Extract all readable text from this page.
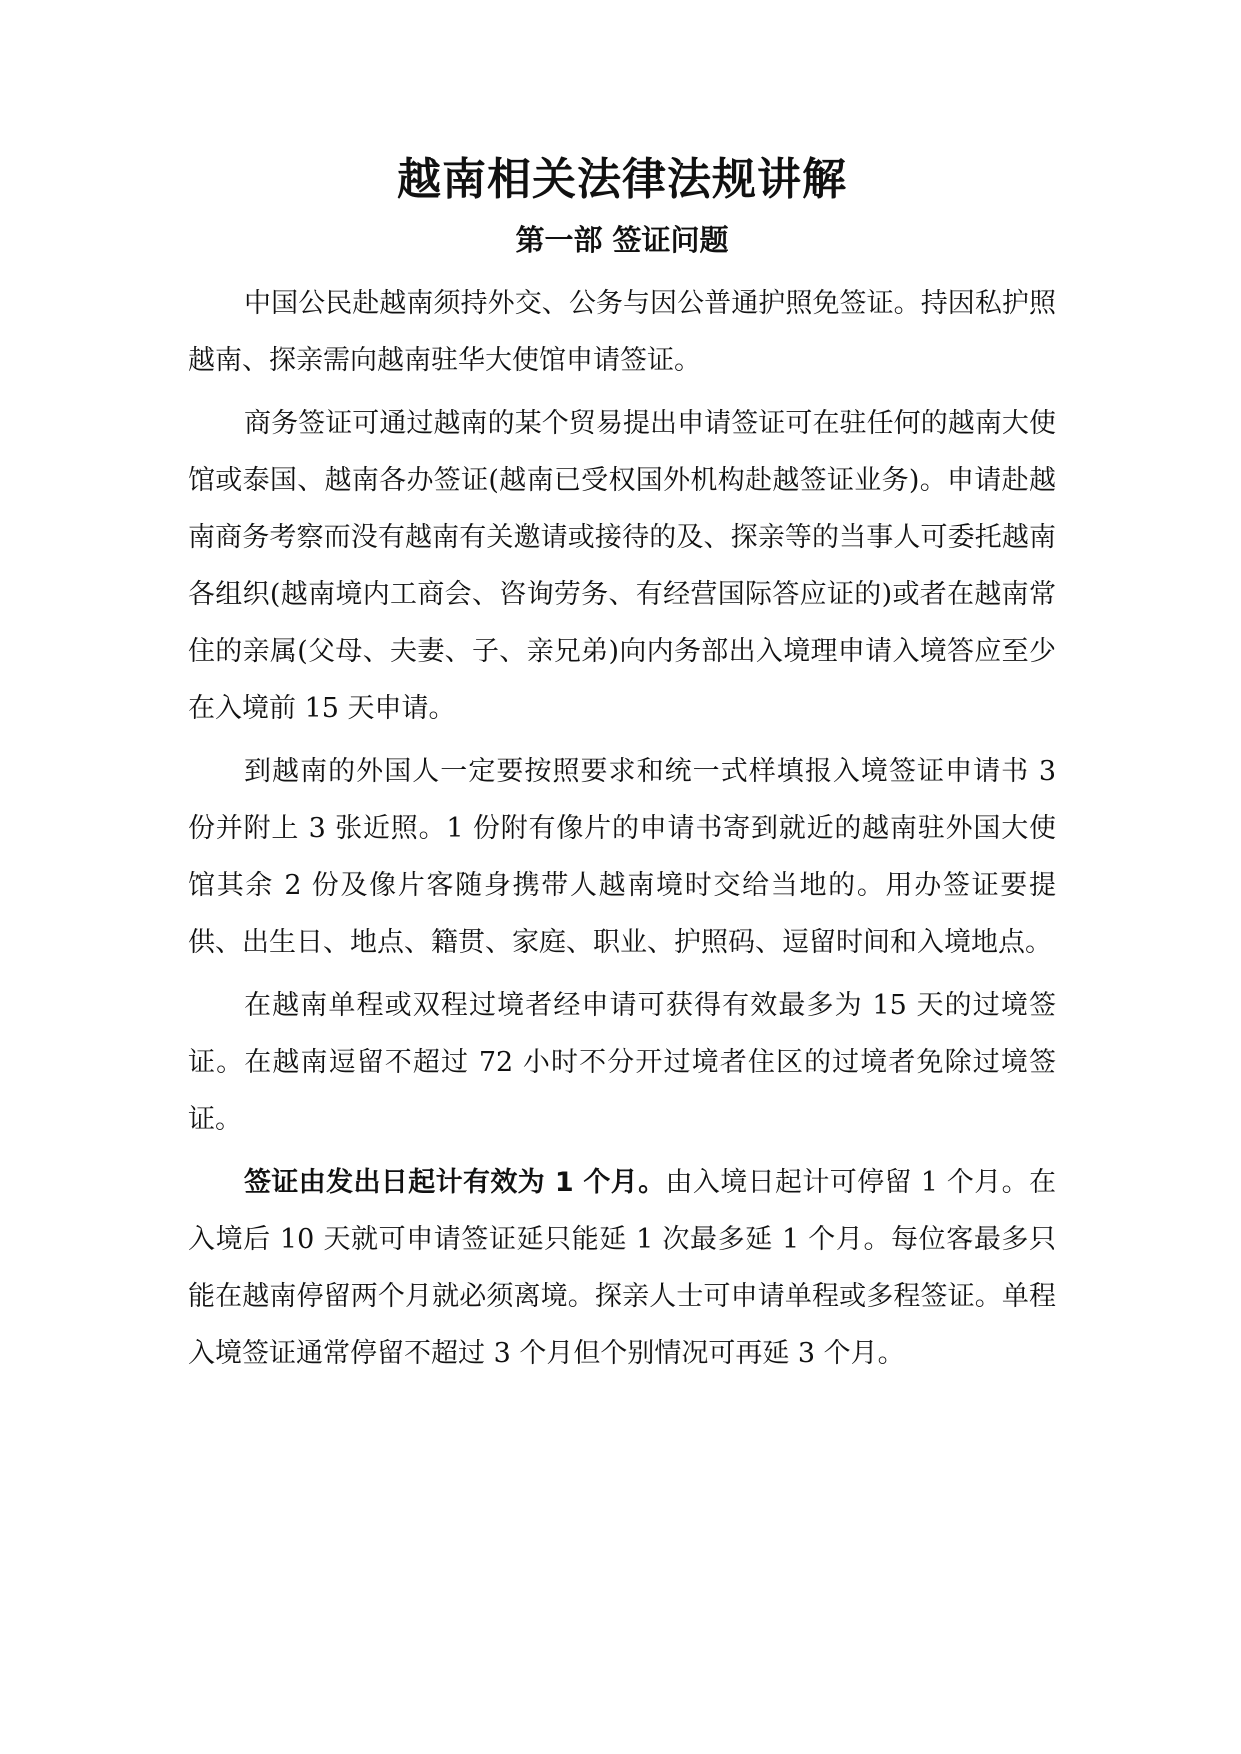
越南相关法律法规讲解
第一部 签证问题

中国公民赴越南须持外交、公务与因公普通护照免签证。持因私护照越南、探亲需向越南驻华大使馆申请签证。

商务签证可通过越南的某个贸易提出申请签证可在驻任何的越南大使馆或泰国、越南各办签证(越南已受权国外机构赴越签证业务)。申请赴越南商务考察而没有越南有关邀请或接待的及、探亲等的当事人可委托越南各组织(越南境内工商会、咨询劳务、有经营国际答应证的)或者在越南常住的亲属(父母、夫妻、子、亲兄弟)向内务部出入境理申请入境答应至少在入境前 15 天申请。

到越南的外国人一定要按照要求和统一式样填报入境签证申请书 3 份并附上 3 张近照。1 份附有像片的申请书寄到就近的越南驻外国大使馆其余 2 份及像片客随身携带人越南境时交给当地的。用办签证要提供、出生日、地点、籍贯、家庭、职业、护照码、逗留时间和入境地点。

在越南单程或双程过境者经申请可获得有效最多为 15 天的过境签证。在越南逗留不超过 72 小时不分开过境者住区的过境者免除过境签证。

签证由发出日起计有效为 1 个月。由入境日起计可停留 1 个月。在入境后 10 天就可申请签证延只能延 1 次最多延 1 个月。每位客最多只能在越南停留两个月就必须离境。探亲人士可申请单程或多程签证。单程入境签证通常停留不超过 3 个月但个别情况可再延 3 个月。
